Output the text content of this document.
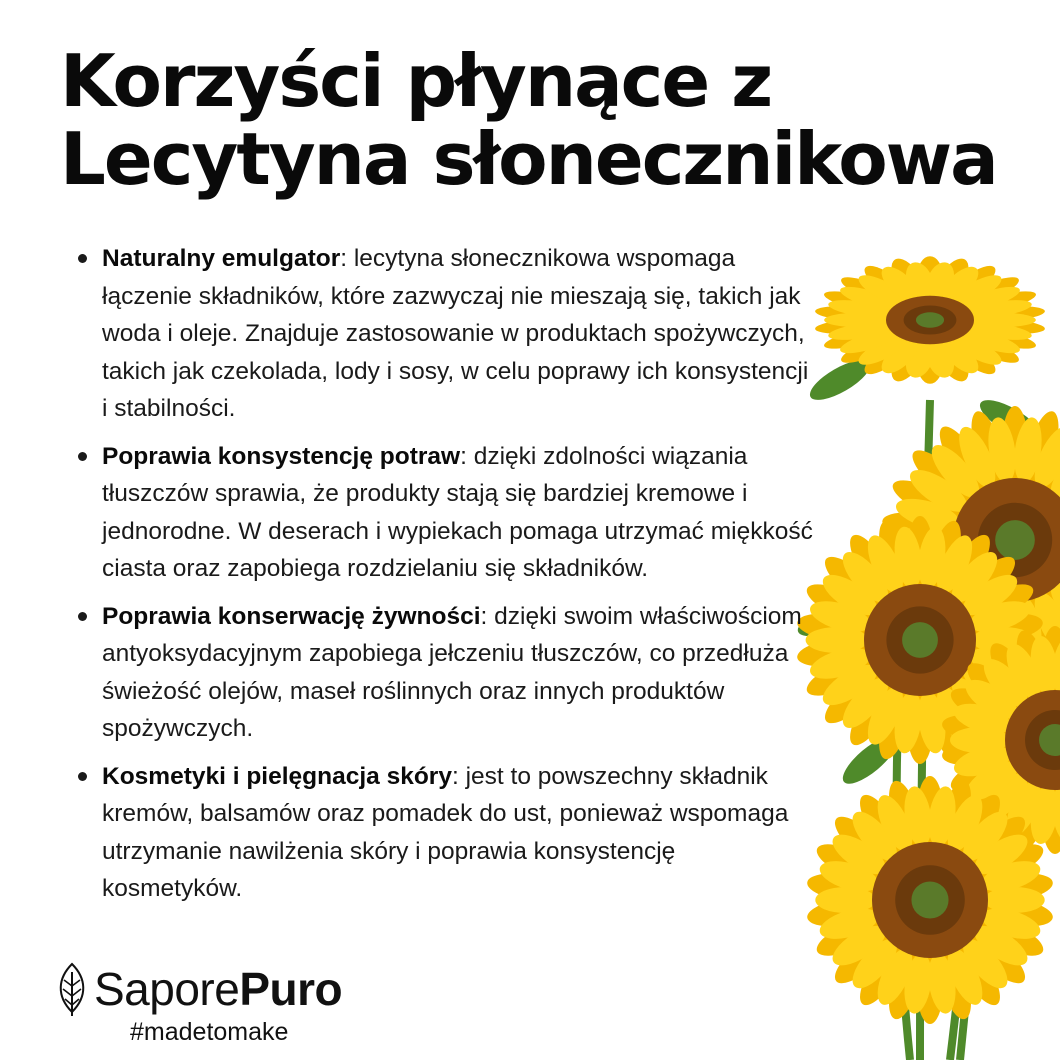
Korzyści płynące z
Lecytyna słonecznikowa
Naturalny emulgator: lecytyna słonecznikowa wspomaga łączenie składników, które zazwyczaj nie mieszają się, takich jak woda i oleje. Znajduje zastosowanie w produktach spożywczych, takich jak czekolada, lody i sosy, w celu poprawy ich konsystencji i stabilności.
Poprawia konsystencję potraw: dzięki zdolności wiązania tłuszczów sprawia, że produkty stają się bardziej kremowe i jednorodne. W deserach i wypiekach pomaga utrzymać miękkość ciasta oraz zapobiega rozdzielaniu się składników.
Poprawia konserwację żywności: dzięki swoim właściwościom antyoksydacyjnym zapobiega jełczeniu tłuszczów, co przedłuża świeżość olejów, maseł roślinnych oraz innych produktów spożywczych.
Kosmetyki i pielęgnacja skóry: jest to powszechny składnik kremów, balsamów oraz pomadek do ust, ponieważ wspomaga utrzymanie nawilżenia skóry i poprawia konsystencję kosmetyków.
SaporePuro
#madetomake
